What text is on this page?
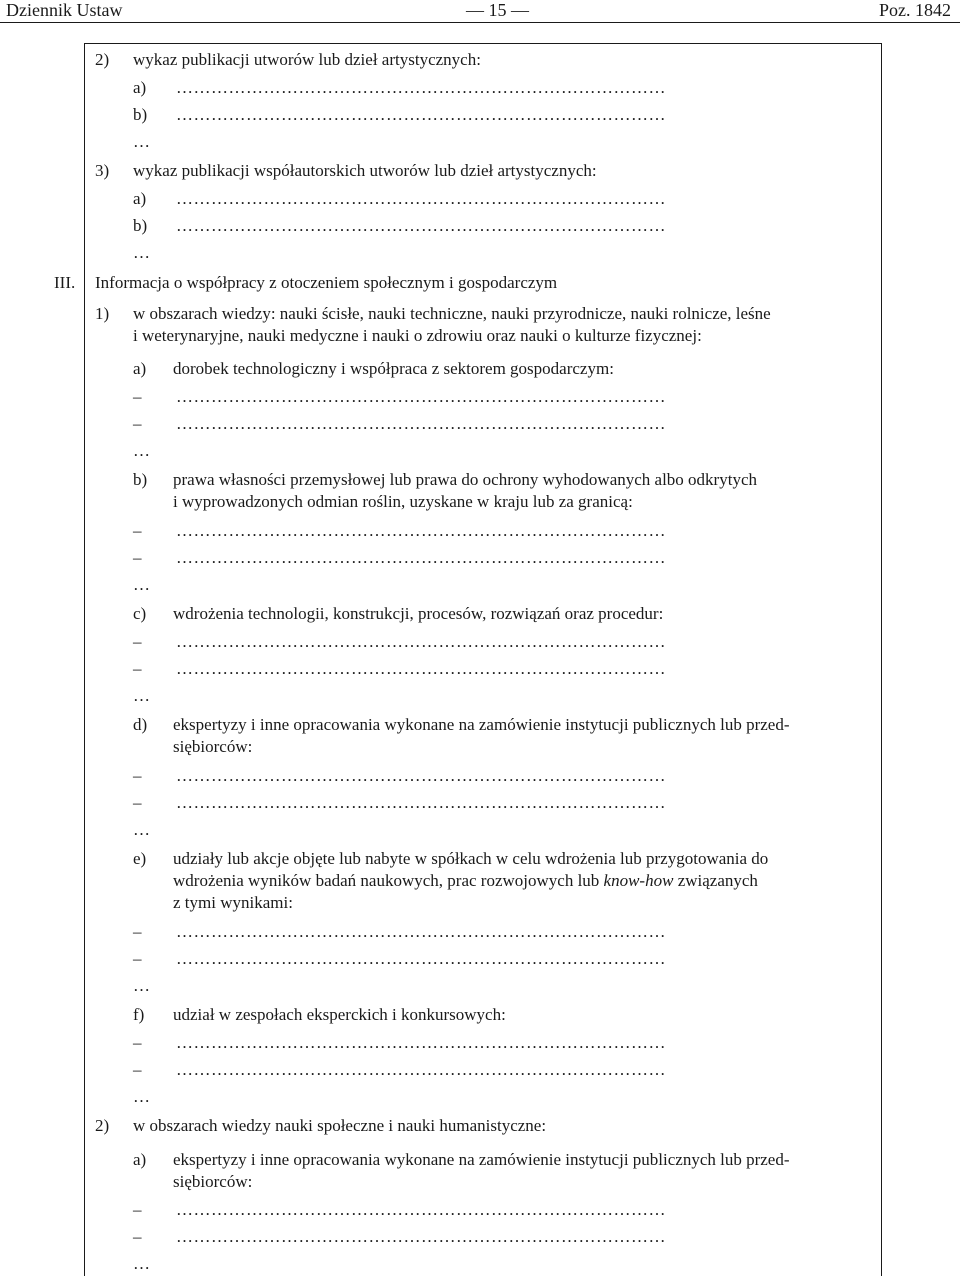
Dziennik Ustaw	— 15 —	Poz. 1842
2) wykaz publikacji utworów lub dzieł artystycznych:
a) …………………………………………………………………………
b) …………………………………………………………………………
…
3) wykaz publikacji współautorskich utworów lub dzieł artystycznych:
a) …………………………………………………………………………
b) …………………………………………………………………………
…
III. Informacja o współpracy z otoczeniem społecznym i gospodarczym
1) w obszarach wiedzy: nauki ścisłe, nauki techniczne, nauki przyrodnicze, nauki rolnicze, leśne
i weterynaryjne, nauki medyczne i nauki o zdrowiu oraz nauki o kulturze fizycznej:
a) dorobek technologiczny i współpraca z sektorem gospodarczym:
– …………………………………………………………………………
– …………………………………………………………………………
…
b) prawa własności przemysłowej lub prawa do ochrony wyhodowanych albo odkrytych
i wyprowadzonych odmian roślin, uzyskane w kraju lub za granicą:
– …………………………………………………………………………
– …………………………………………………………………………
…
c) wdrożenia technologii, konstrukcji, procesów, rozwiązań oraz procedur:
– …………………………………………………………………………
– …………………………………………………………………………
…
d) ekspertyzy i inne opracowania wykonane na zamówienie instytucji publicznych lub przed-
siębiorców:
– …………………………………………………………………………
– …………………………………………………………………………
…
e) udziały lub akcje objęte lub nabyte w spółkach w celu wdrożenia lub przygotowania do
wdrożenia wyników badań naukowych, prac rozwojowych lub know-how związanych
z tymi wynikami:
– …………………………………………………………………………
– …………………………………………………………………………
…
f) udział w zespołach eksperckich i konkursowych:
– …………………………………………………………………………
– …………………………………………………………………………
…
2) w obszarach wiedzy nauki społeczne i nauki humanistyczne:
a) ekspertyzy i inne opracowania wykonane na zamówienie instytucji publicznych lub przed-
siębiorców:
– …………………………………………………………………………
– …………………………………………………………………………
…
